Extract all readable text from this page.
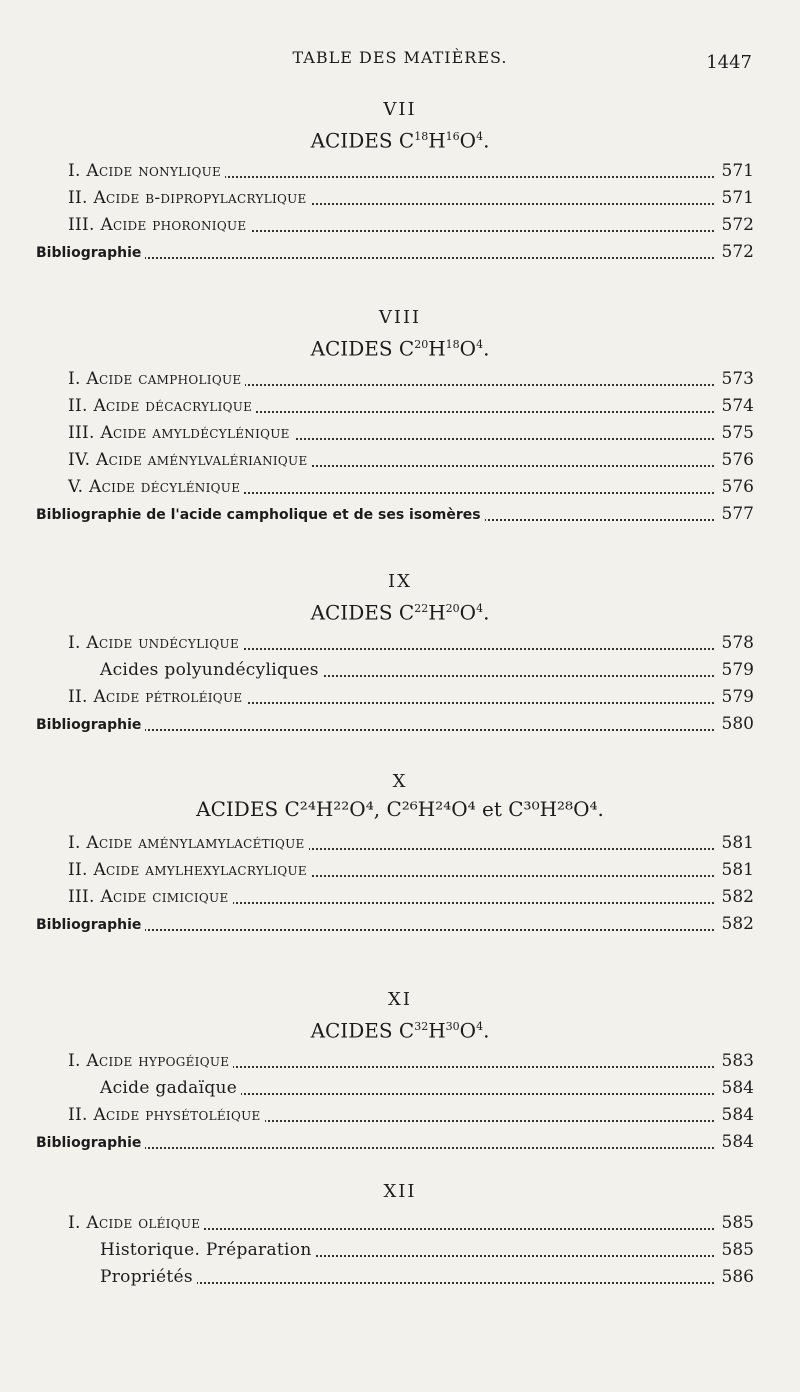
TABLE DES MATIÈRES.	1447
VII
ACIDES $C^{18}H^{16}O^4$.
I. Acide nonylique	571
II. Acide β-dipropylacrylique	571
III. Acide phoronique	572
Bibliographie	572
VIII
ACIDES $C^{20}H^{18}O^4$.
I. Acide campholique	573
II. Acide décacrylique	574
III. Acide amyldécylénique	575
IV. Acide aménylvalérianique	576
V. Acide décylénique	576
Bibliographie de l'acide campholique et de ses isomères	577
IX
ACIDES $C^{22}H^{20}O^4$.
I. Acide undécylique	578
Acides polyundécyliques	579
II. Acide pétroléique	579
Bibliographie	580
X
ACIDES C²⁴H²²O⁴, C²⁶H²⁴O⁴ et C³⁰H²⁸O⁴.
I. Acide aménylamylacétique	581
II. Acide amylhexylacrylique	581
III. Acide cimicique	582
Bibliographie	582
XI
ACIDES $C^{32}H^{30}O^4$.
I. Acide hypogéique	583
Acide gadaïque	584
II. Acide physétoléique	584
Bibliographie	584
XII
I. Acide oléique	585
Historique. Préparation	585
Propriétés	586
